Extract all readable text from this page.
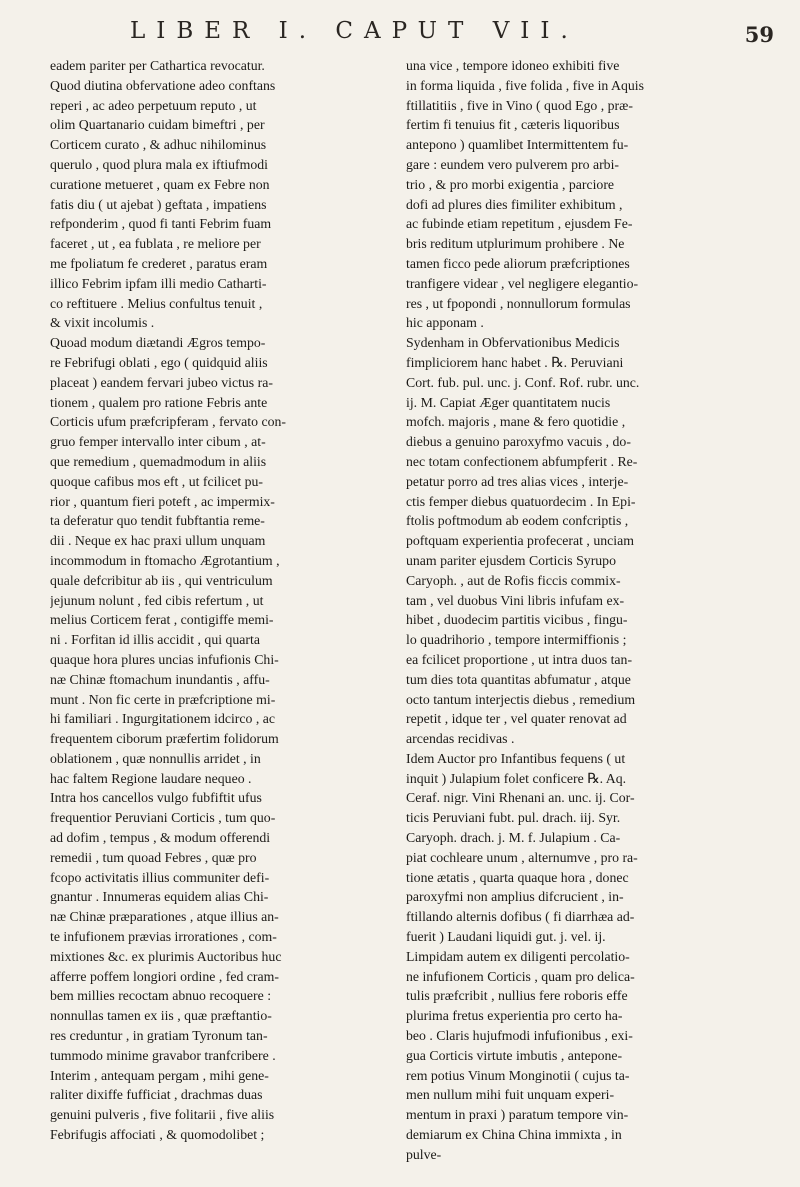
LIBER I. CAPUT VII.	59
eadem pariter per Cathartica revocatur.
Quod diutina obfervatione adeo conftans
reperi , ac adeo perpetuum reputo , ut
olim Quartanario cuidam bimeftri , per
Corticem curato , & adhuc nihilominus
querulo , quod plura mala ex iftiufmodi
curatione metueret , quam ex Febre non
fatis diu ( ut ajebat ) geftata , impatiens
refponderim , quod fi tanti Febrim fuam
faceret , ut , ea fublata , re meliore per
me fpoliatum fe crederet , paratus eram
illico Febrim ipfam illi medio Catharti-
co reftituere . Melius confultus tenuit ,
& vixit incolumis .
Quoad modum diætandi Ægros tempo-
re Febrifugi oblati , ego ( quidquid aliis
placeat ) eandem fervari jubeo victus ra-
tionem , qualem pro ratione Febris ante
Corticis ufum præfcripferam , fervato con-
gruo femper intervallo inter cibum , at-
que remedium , quemadmodum in aliis
quoque cafibus mos eft , ut fcilicet pu-
rior , quantum fieri poteft , ac impermix-
ta deferatur quo tendit fubftantia reme-
dii . Neque ex hac praxi ullum unquam
incommodum in ftomacho Ægrotantium ,
quale defcribitur ab iis , qui ventriculum
jejunum nolunt , fed cibis refertum , ut
melius Corticem ferat , contigiffe memi-
ni . Forfitan id illis accidit , qui quarta
quaque hora plures uncias infufionis Chi-
næ Chinæ ftomachum inundantis , affu-
munt . Non fic certe in præfcriptione mi-
hi familiari . Ingurgitationem idcirco , ac
frequentem ciborum præfertim folidorum
oblationem , quæ nonnullis arridet , in
hac faltem Regione laudare nequeo .
Intra hos cancellos vulgo fubfiftit ufus
frequentior Peruviani Corticis , tum quo-
ad dofim , tempus , & modum offerendi
remedii , tum quoad Febres , quæ pro
fcopo activitatis illius communiter defi-
gnantur . Innumeras equidem alias Chi-
næ Chinæ præparationes , atque illius an-
te infufionem prævias irrorationes , com-
mixtiones &c. ex plurimis Auctoribus huc
afferre poffem longiori ordine , fed cram-
bem millies recoctam abnuo recoquere :
nonnullas tamen ex iis , quæ præftantio-
res creduntur , in gratiam Tyronum tan-
tummodo minime gravabor tranfcribere .
Interim , antequam pergam , mihi gene-
raliter dixiffe fufficiat , drachmas duas
genuini pulveris , five folitarii , five aliis
Febrifugis affociati , & quomodolibet ;
una vice , tempore idoneo exhibiti five
in forma liquida , five folida , five in Aquis
ftillatitiis , five in Vino ( quod Ego , præ-
fertim fi tenuius fit , cæteris liquoribus
antepono ) quamlibet Intermittentem fu-
gare : eundem vero pulverem pro arbi-
trio , & pro morbi exigentia , parciore
dofi ad plures dies fimiliter exhibitum ,
ac fubinde etiam repetitum , ejusdem Fe-
bris reditum utplurimum prohibere . Ne
tamen ficco pede aliorum præfcriptiones
tranfigere videar , vel negligere elegantio-
res , ut fpopondi , nonnullorum formulas
hic apponam .
Sydenham in Obfervationibus Medicis
fimpliciorem hanc habet . ℞. Peruviani
Cort. fub. pul. unc. j. Conf. Rof. rubr. unc.
ij. M. Capiat Æger quantitatem nucis
mofch. majoris , mane & fero quotidie ,
diebus a genuino paroxyfmo vacuis , do-
nec totam confectionem abfumpferit . Re-
petatur porro ad tres alias vices , interje-
ctis femper diebus quatuordecim . In Epi-
ftolis poftmodum ab eodem confcriptis ,
poftquam experientia profecerat , unciam
unam pariter ejusdem Corticis Syrupo
Caryoph. , aut de Rofis ficcis commix-
tam , vel duobus Vini libris infufam ex-
hibet , duodecim partitis vicibus , fingu-
lo quadrihorio , tempore intermiffionis ;
ea fcilicet proportione , ut intra duos tan-
tum dies tota quantitas abfumatur , atque
octo tantum interjectis diebus , remedium
repetit , idque ter , vel quater renovat ad
arcendas recidivas .
Idem Auctor pro Infantibus fequens ( ut
inquit ) Julapium folet conficere ℞. Aq.
Ceraf. nigr. Vini Rhenani an. unc. ij. Cor-
ticis Peruviani fubt. pul. drach. iij. Syr.
Caryoph. drach. j. M. f. Julapium . Ca-
piat cochleare unum , alternumve , pro ra-
tione ætatis , quarta quaque hora , donec
paroxyfmi non amplius difcrucient , in-
ftillando alternis dofibus ( fi diarrhæa ad-
fuerit ) Laudani liquidi gut. j. vel. ij.
Limpidam autem ex diligenti percolatio-
ne infufionem Corticis , quam pro delica-
tulis præfcribit , nullius fere roboris effe
plurima fretus experientia pro certo ha-
beo . Claris hujufmodi infufionibus , exi-
gua Corticis virtute imbutis , antepone-
rem potius Vinum Monginotii ( cujus ta-
men nullum mihi fuit unquam experi-
mentum in praxi ) paratum tempore vin-
demiarum ex China China immixta , in
pulve-
